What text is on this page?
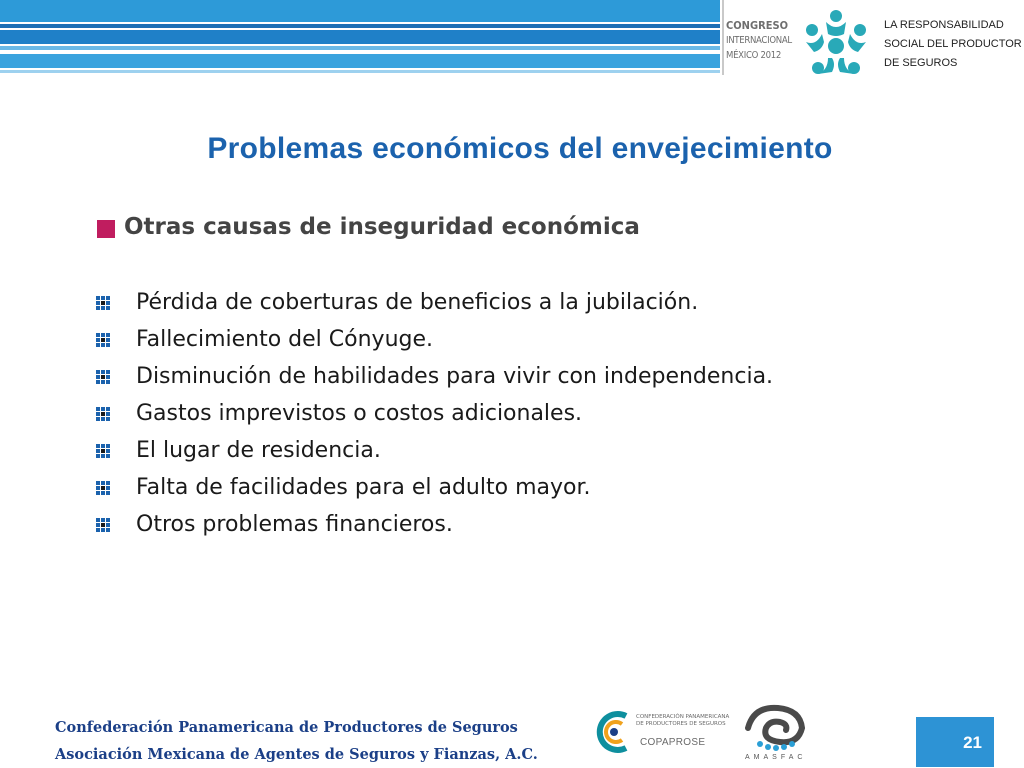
CONGRESO
INTERNACIONAL
MÉXICO 2012
LA RESPONSABILIDAD
SOCIAL DEL PRODUCTOR
DE SEGUROS
Problemas económicos del envejecimiento
Otras causas de inseguridad económica
Pérdida de coberturas de beneficios a la jubilación.
Fallecimiento del Cónyuge.
Disminución de habilidades para vivir con independencia.
Gastos imprevistos o costos adicionales.
El lugar de residencia.
Falta de facilidades para el adulto mayor.
Otros problemas financieros.
Confederación Panamericana de Productores de Seguros
Asociación Mexicana de Agentes de Seguros y Fianzas, A.C.
CONFEDERACIÓN PANAMERICANA
DE PRODUCTORES DE SEGUROS
COPAPROSE
AMASFAC
21
